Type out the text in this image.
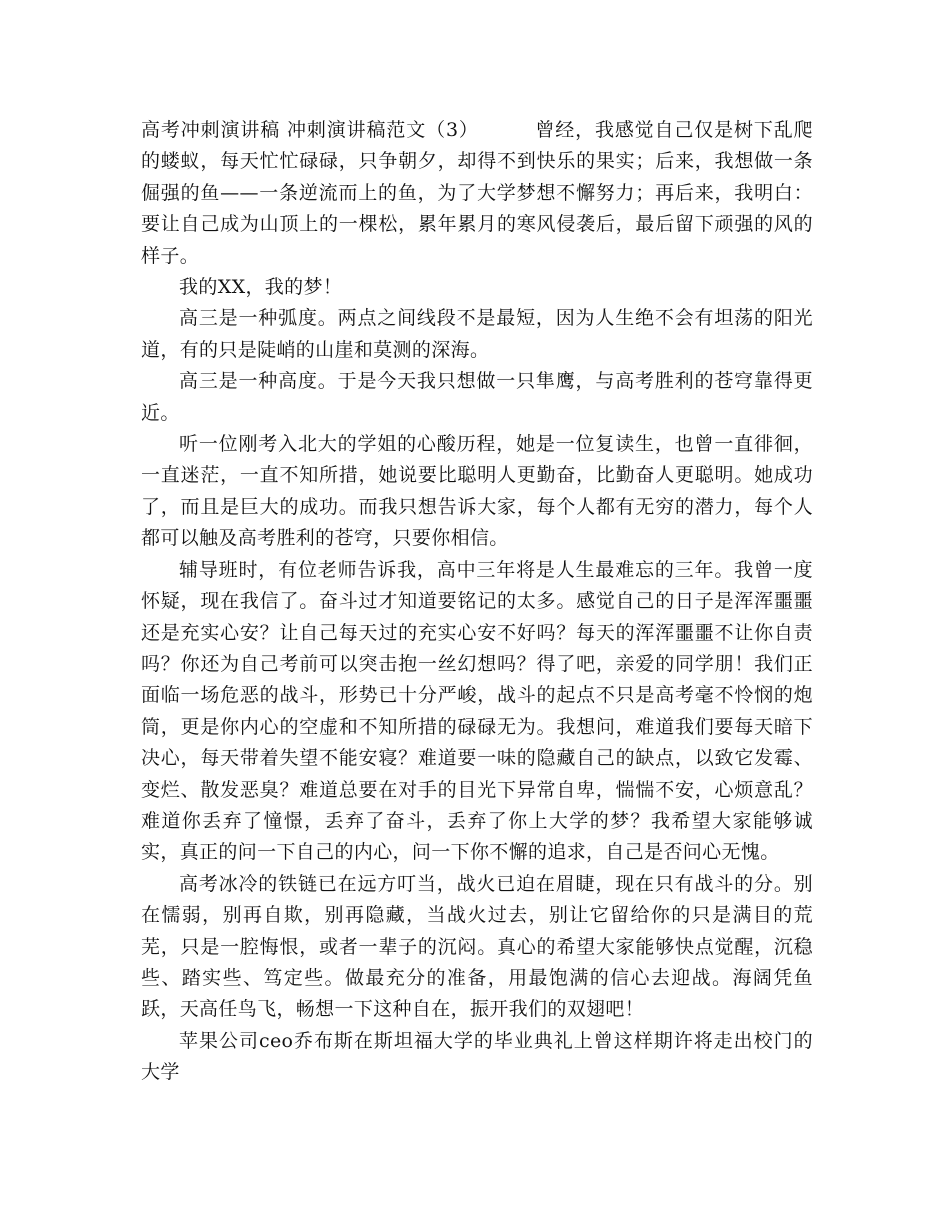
高考冲刺演讲稿 冲刺演讲稿范文（3）	曾经，我感觉自己仅是树下乱爬的蝼蚁，每天忙忙碌碌，只争朝夕，却得不到快乐的果实；后来，我想做一条倔强的鱼——一条逆流而上的鱼，为了大学梦想不懈努力；再后来，我明白：要让自己成为山顶上的一棵松，累年累月的寒风侵袭后，最后留下顽强的风的样子。

我的XX，我的梦！

高三是一种弧度。两点之间线段不是最短，因为人生绝不会有坦荡的阳光道，有的只是陡峭的山崖和莫测的深海。

高三是一种高度。于是今天我只想做一只隼鹰，与高考胜利的苍穹靠得更近。

听一位刚考入北大的学姐的心酸历程，她是一位复读生，也曾一直徘徊，一直迷茫，一直不知所措，她说要比聪明人更勤奋，比勤奋人更聪明。她成功了，而且是巨大的成功。而我只想告诉大家，每个人都有无穷的潜力，每个人都可以触及高考胜利的苍穹，只要你相信。

辅导班时，有位老师告诉我，高中三年将是人生最难忘的三年。我曾一度怀疑，现在我信了。奋斗过才知道要铭记的太多。感觉自己的日子是浑浑噩噩还是充实心安？让自己每天过的充实心安不好吗？每天的浑浑噩噩不让你自责吗？你还为自己考前可以突击抱一丝幻想吗？得了吧，亲爱的同学朋！我们正面临一场危恶的战斗，形势已十分严峻，战斗的起点不只是高考毫不怜悯的炮筒，更是你内心的空虚和不知所措的碌碌无为。我想问，难道我们要每天暗下决心，每天带着失望不能安寝？难道要一味的隐藏自己的缺点，以致它发霉、变烂、散发恶臭？难道总要在对手的目光下异常自卑，惴惴不安，心烦意乱？难道你丢弃了憧憬，丢弃了奋斗，丢弃了你上大学的梦？我希望大家能够诚实，真正的问一下自己的内心，问一下你不懈的追求，自己是否问心无愧。

高考冰冷的铁链已在远方叮当，战火已迫在眉睫，现在只有战斗的分。别在懦弱，别再自欺，别再隐藏，当战火过去，别让它留给你的只是满目的荒芜，只是一腔悔恨，或者一辈子的沉闷。真心的希望大家能够快点觉醒，沉稳些、踏实些、笃定些。做最充分的准备，用最饱满的信心去迎战。海阔凭鱼跃，天高任鸟飞，畅想一下这种自在，振开我们的双翅吧！

苹果公司ceo乔布斯在斯坦福大学的毕业典礼上曾这样期许将走出校门的大学
